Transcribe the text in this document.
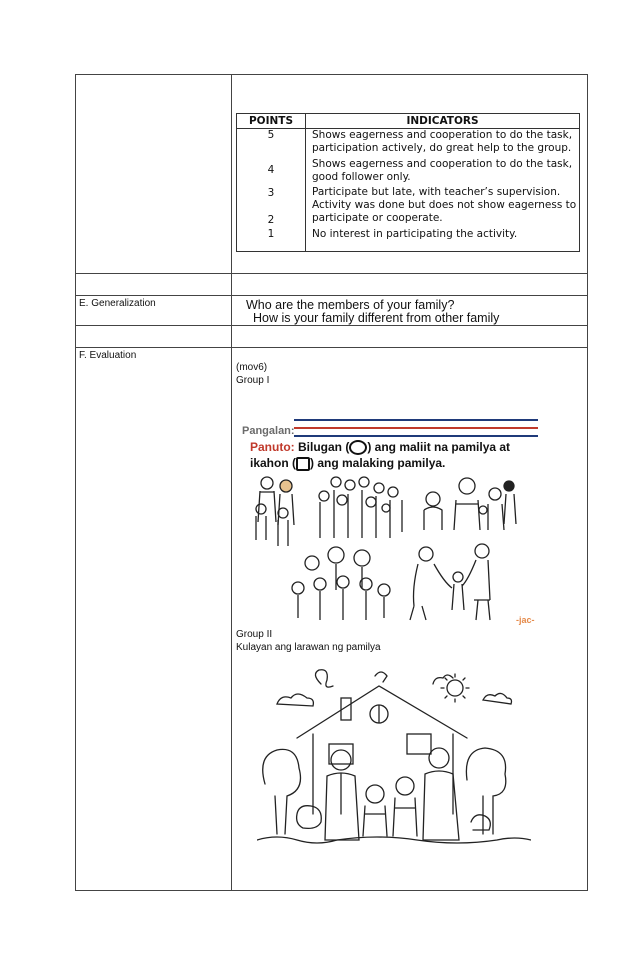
POINTS	INDICATORS
5
4
3
2
1
Shows eagerness and cooperation to do the task, participation actively, do great help to the group.
Shows eagerness and cooperation to do the task, good follower only.
Participate but late, with teacher’s supervision.
Activity was done but does not show eagerness to participate or cooperate.
No interest in participating the activity.
E. Generalization	Who are the members of your family?
How is your family different from other family
F. Evaluation
(mov6)
Group I
Pangalan:
Panuto: Bilugan ( ) ang maliit na pamilya at
ikahon ( ) ang malaking pamilya.
-jac-
Group II
Kulayan ang larawan ng pamilya
